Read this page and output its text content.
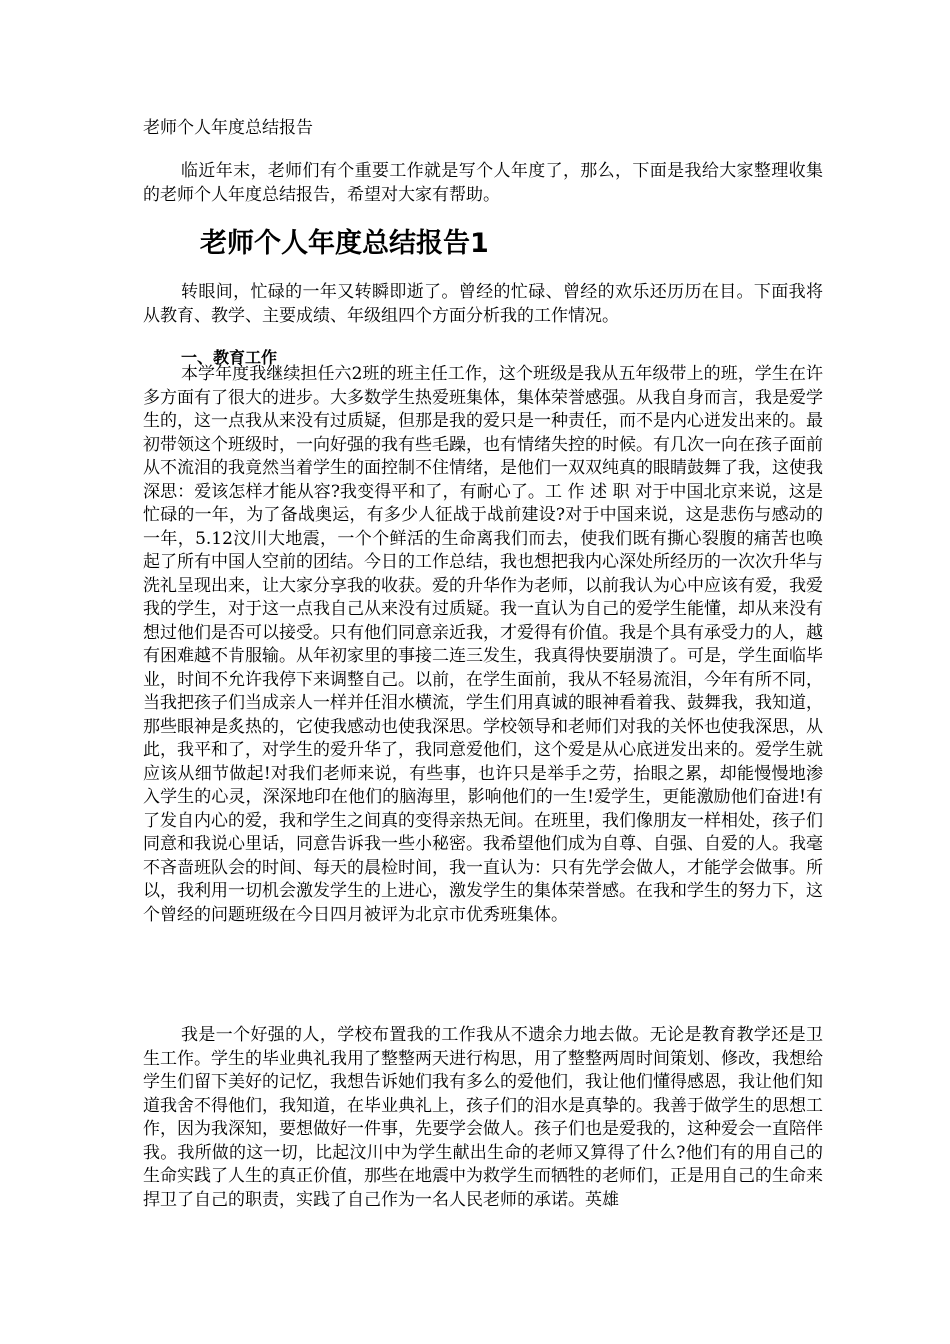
老师个人年度总结报告

临近年末，老师们有个重要工作就是写个人年度了，那么，下面是我给大家整理收集的老师个人年度总结报告，希望对大家有帮助。

老师个人年度总结报告1

转眼间，忙碌的一年又转瞬即逝了。曾经的忙碌、曾经的欢乐还历历在目。下面我将从教育、教学、主要成绩、年级组四个方面分析我的工作情况。

一、教育工作

本学年度我继续担任六2班的班主任工作，这个班级是我从五年级带上的班，学生在许多方面有了很大的进步。大多数学生热爱班集体，集体荣誉感强。从我自身而言，我是爱学生的，这一点我从来没有过质疑，但那是我的爱只是一种责任，而不是内心迸发出来的。最初带领这个班级时，一向好强的我有些毛躁，也有情绪失控的时候。有几次一向在孩子面前从不流泪的我竟然当着学生的面控制不住情绪，是他们一双双纯真的眼睛鼓舞了我，这使我深思：爱该怎样才能从容?我变得平和了，有耐心了。工 作 述 职 对于中国北京来说，这是忙碌的一年，为了备战奥运，有多少人征战于战前建设?对于中国来说，这是悲伤与感动的一年，5.12汶川大地震，一个个鲜活的生命离我们而去，使我们既有撕心裂腹的痛苦也唤起了所有中国人空前的团结。今日的工作总结，我也想把我内心深处所经历的一次次升华与洗礼呈现出来，让大家分享我的收获。爱的升华作为老师，以前我认为心中应该有爱，我爱我的学生，对于这一点我自己从来没有过质疑。我一直认为自己的爱学生能懂，却从来没有想过他们是否可以接受。只有他们同意亲近我，才爱得有价值。我是个具有承受力的人，越有困难越不肯服输。从年初家里的事接二连三发生，我真得快要崩溃了。可是，学生面临毕业，时间不允许我停下来调整自己。以前，在学生面前，我从不轻易流泪，今年有所不同，当我把孩子们当成亲人一样并任泪水横流，学生们用真诚的眼神看着我、鼓舞我，我知道，那些眼神是炙热的，它使我感动也使我深思。学校领导和老师们对我的关怀也使我深思，从此，我平和了，对学生的爱升华了，我同意爱他们，这个爱是从心底迸发出来的。爱学生就应该从细节做起!对我们老师来说，有些事，也许只是举手之劳，抬眼之累，却能慢慢地渗入学生的心灵，深深地印在他们的脑海里，影响他们的一生!爱学生，更能激励他们奋进!有了发自内心的爱，我和学生之间真的变得亲热无间。在班里，我们像朋友一样相处，孩子们同意和我说心里话，同意告诉我一些小秘密。我希望他们成为自尊、自强、自爱的人。我毫不吝啬班队会的时间、每天的晨检时间，我一直认为：只有先学会做人，才能学会做事。所以，我利用一切机会激发学生的上进心，激发学生的集体荣誉感。在我和学生的努力下，这个曾经的问题班级在今日四月被评为北京市优秀班集体。

我是一个好强的人，学校布置我的工作我从不遗余力地去做。无论是教育教学还是卫生工作。学生的毕业典礼我用了整整两天进行构思，用了整整两周时间策划、修改，我想给学生们留下美好的记忆，我想告诉她们我有多么的爱他们，我让他们懂得感恩，我让他们知道我舍不得他们，我知道，在毕业典礼上，孩子们的泪水是真挚的。我善于做学生的思想工作，因为我深知，要想做好一件事，先要学会做人。孩子们也是爱我的，这种爱会一直陪伴我。我所做的这一切，比起汶川中为学生献出生命的老师又算得了什么?他们有的用自己的生命实践了人生的真正价值，那些在地震中为救学生而牺牲的老师们，正是用自己的生命来捍卫了自己的职责，实践了自己作为一名人民老师的承诺。英雄
